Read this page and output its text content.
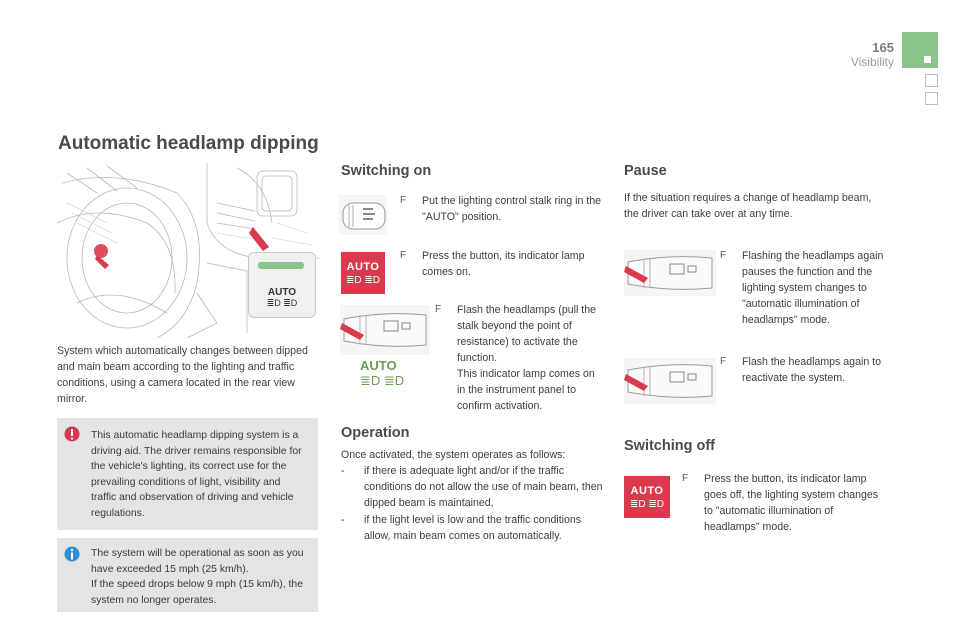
165
Visibility
Automatic headlamp dipping
AUTO
≣D ≣D
System which automatically changes between dipped and main beam according to the lighting and traffic conditions, using a camera located in the rear view mirror.
This automatic headlamp dipping system is a driving aid. The driver remains responsible for the vehicle's lighting, its correct use for the prevailing conditions of light, visibility and traffic and observation of driving and vehicle regulations.
The system will be operational as soon as you have exceeded 15 mph (25 km/h).
If the speed drops below 9 mph (15 km/h), the system no longer operates.
Switching on
F Put the lighting control stalk ring in the "AUTO" position.
AUTO
≣D ≣D
F Press the button, its indicator lamp comes on.
AUTO
≣D ≣D
F Flash the headlamps (pull the stalk beyond the point of resistance) to activate the function.
This indicator lamp comes on in the instrument panel to confirm activation.
Operation
Once activated, the system operates as follows:
-	if there is adequate light and/or if the traffic conditions do not allow the use of main beam, then dipped beam is maintained,
-	if the light level is low and the traffic conditions allow, main beam comes on automatically.
Pause
If the situation requires a change of headlamp beam, the driver can take over at any time.
F Flashing the headlamps again pauses the function and the lighting system changes to "automatic illumination of headlamps" mode.
F Flash the headlamps again to reactivate the system.
Switching off
AUTO
≣D ≣D
F Press the button, its indicator lamp goes off, the lighting system changes to "automatic illumination of headlamps" mode.
